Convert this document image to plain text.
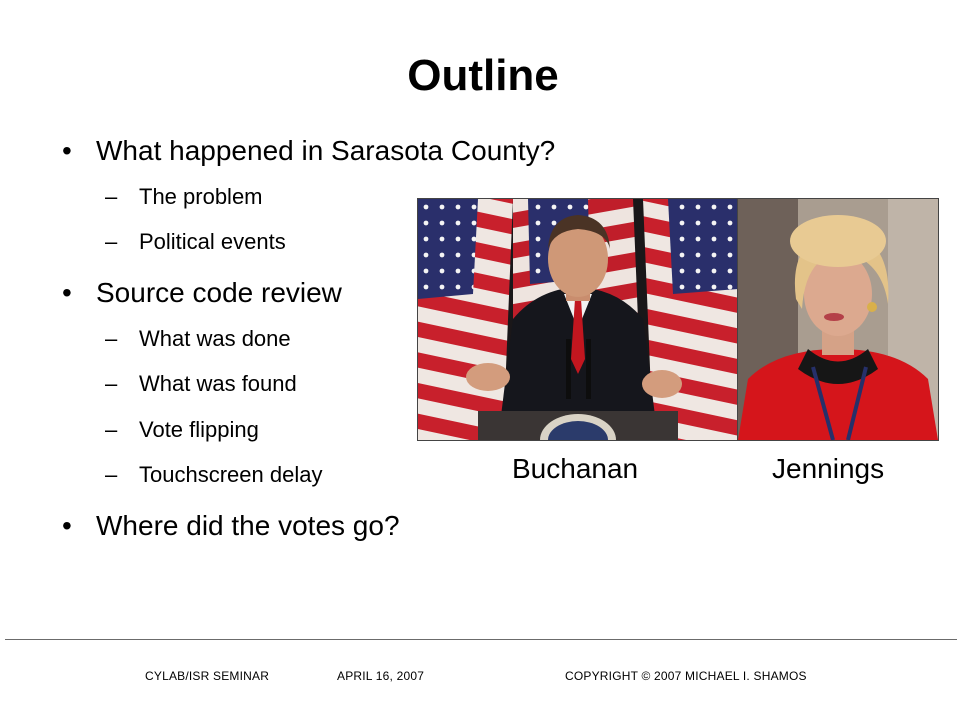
Outline
• What happened in Sarasota County?
– The problem
– Political events
• Source code review
– What was done
– What was found
– Vote flipping
– Touchscreen delay
• Where did the votes go?
Buchanan	Jennings
CYLAB/ISR SEMINAR	APRIL 16, 2007	COPYRIGHT © 2007 MICHAEL I. SHAMOS
